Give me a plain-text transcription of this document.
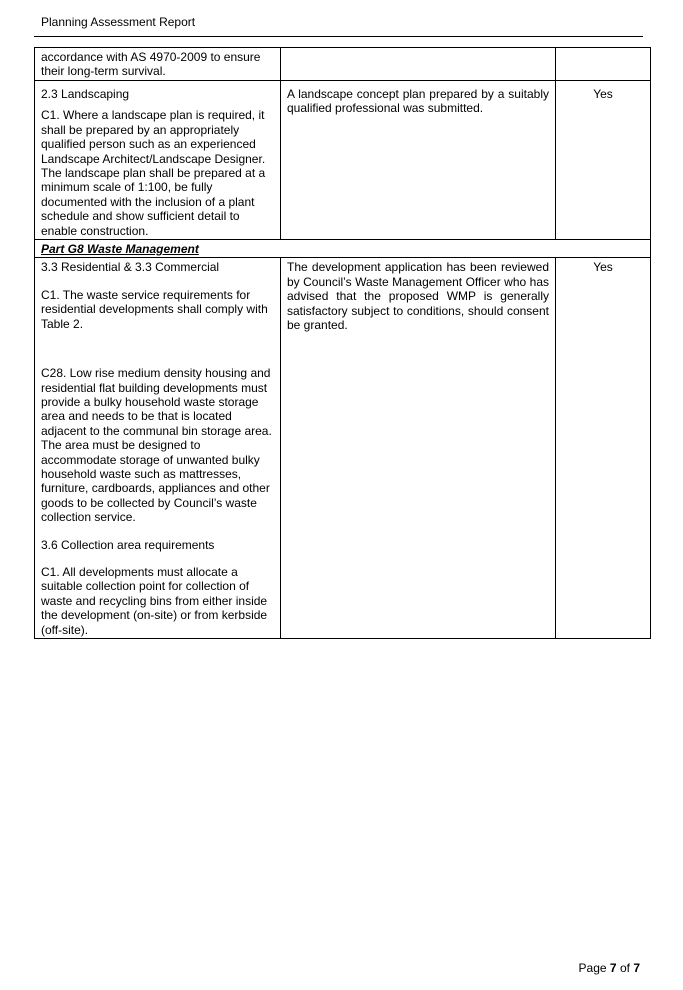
Planning Assessment Report

accordance with AS 4970-2009 to ensure their long-term survival.		

2.3 Landscaping

C1. Where a landscape plan is required, it shall be prepared by an appropriately qualified person such as an experienced Landscape Architect/Landscape Designer. The landscape plan shall be prepared at a minimum scale of 1:100, be fully documented with the inclusion of a plant schedule and show sufficient detail to enable construction.	A landscape concept plan prepared by a suitably qualified professional was submitted.	Yes
Part G8 Waste Management		

3.3 Residential & 3.3 Commercial

C1. The waste service requirements for residential developments shall comply with Table 2.

C28. Low rise medium density housing and residential flat building developments must provide a bulky household waste storage area and needs to be that is located adjacent to the communal bin storage area. The area must be designed to accommodate storage of unwanted bulky household waste such as mattresses, furniture, cardboards, appliances and other goods to be collected by Council’s waste collection service.

3.6 Collection area requirements

C1. All developments must allocate a suitable collection point for collection of waste and recycling bins from either inside the development (on-site) or from kerbside (off-site).	The development application has been reviewed by Council’s Waste Management Officer who has advised that the proposed WMP is generally satisfactory subject to conditions, should consent be granted.	Yes
Page 7 of 7
